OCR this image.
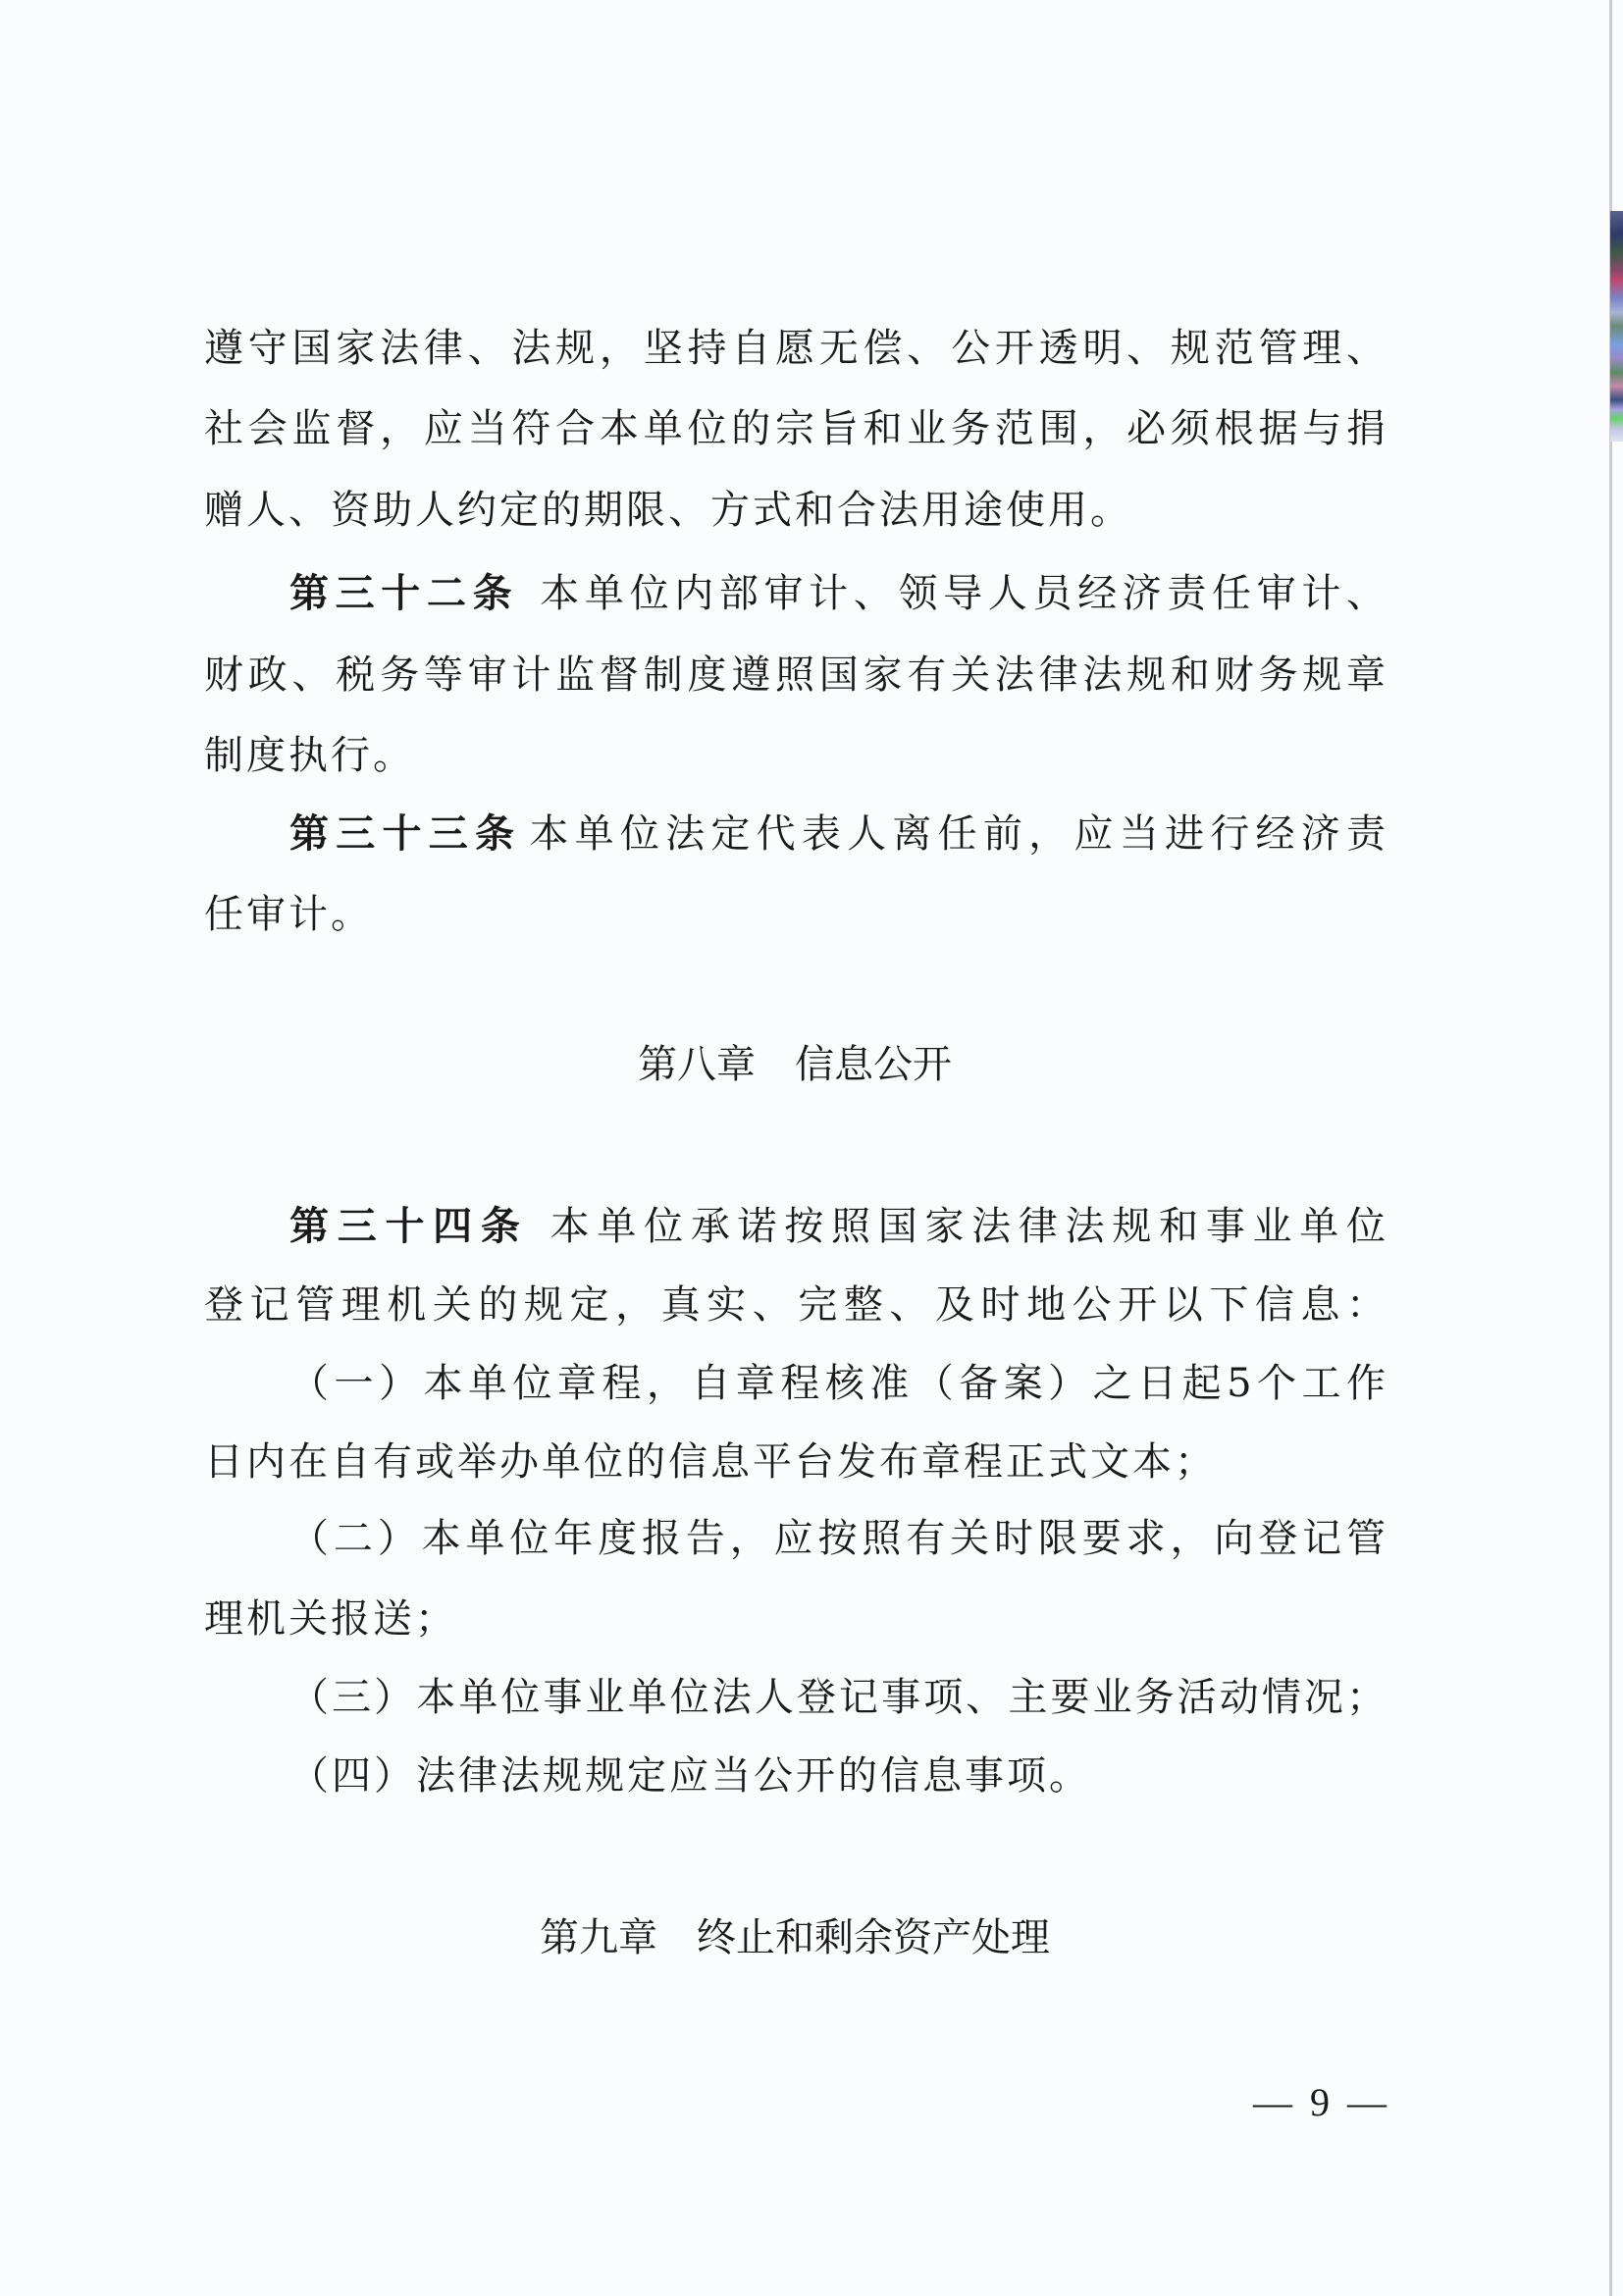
遵守国家法律、法规，坚持自愿无偿、公开透明、规范管理、
社会监督，应当符合本单位的宗旨和业务范围，必须根据与捐
赠人、资助人约定的期限、方式和合法用途使用。
第三十二条 本单位内部审计、领导人员经济责任审计、
财政、税务等审计监督制度遵照国家有关法律法规和财务规章
制度执行。
第三十三条 本单位法定代表人离任前，应当进行经济责
任审计。
第八章 信息公开
第三十四条 本单位承诺按照国家法律法规和事业单位
登记管理机关的规定，真实、完整、及时地公开以下信息：
（一）本单位章程，自章程核准（备案）之日起5个工作
日内在自有或举办单位的信息平台发布章程正式文本；
（二）本单位年度报告，应按照有关时限要求，向登记管
理机关报送；
（三）本单位事业单位法人登记事项、主要业务活动情况；
（四）法律法规规定应当公开的信息事项。
第九章 终止和剩余资产处理
— 9 —
